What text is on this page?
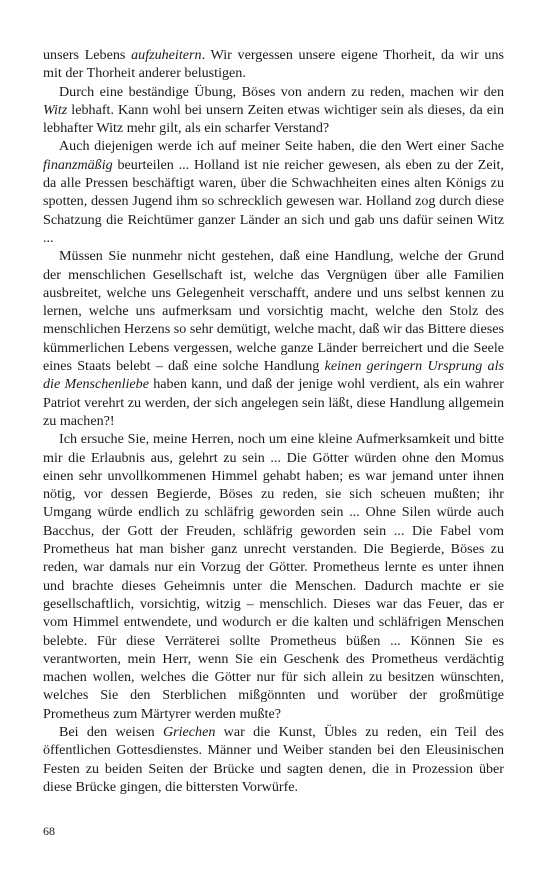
unsers Lebens aufzuheitern. Wir vergessen unsere eigene Thorheit, da wir uns mit der Thorheit anderer belustigen.

Durch eine beständige Übung, Böses von andern zu reden, machen wir den Witz lebhaft. Kann wohl bei unsern Zeiten etwas wichtiger sein als dieses, da ein lebhafter Witz mehr gilt, als ein scharfer Verstand?

Auch diejenigen werde ich auf meiner Seite haben, die den Wert einer Sache finanzmäßig beurteilen ... Holland ist nie reicher gewesen, als eben zu der Zeit, da alle Pressen beschäftigt waren, über die Schwachheiten eines alten Königs zu spotten, dessen Jugend ihm so schrecklich gewesen war. Holland zog durch diese Schatzung die Reichtümer ganzer Länder an sich und gab uns dafür seinen Witz ...

Müssen Sie nunmehr nicht gestehen, daß eine Handlung, welche der Grund der menschlichen Gesellschaft ist, welche das Vergnügen über alle Familien ausbreitet, welche uns Gelegenheit verschafft, andere und uns selbst kennen zu lernen, welche uns aufmerksam und vorsichtig macht, welche den Stolz des menschlichen Herzens so sehr demütigt, welche macht, daß wir das Bittere dieses kümmerlichen Lebens vergessen, welche ganze Länder berreichert und die Seele eines Staats belebt – daß eine solche Handlung keinen geringern Ursprung als die Menschenliebe haben kann, und daß der jenige wohl verdient, als ein wahrer Patriot verehrt zu werden, der sich angelegen sein läßt, diese Handlung allgemein zu machen?!

Ich ersuche Sie, meine Herren, noch um eine kleine Aufmerksamkeit und bitte mir die Erlaubnis aus, gelehrt zu sein ... Die Götter würden ohne den Momus einen sehr unvollkommenen Himmel gehabt haben; es war jemand unter ihnen nötig, vor dessen Begierde, Böses zu reden, sie sich scheuen mußten; ihr Umgang würde endlich zu schläfrig geworden sein ... Ohne Silen würde auch Bacchus, der Gott der Freuden, schläfrig geworden sein ... Die Fabel vom Prometheus hat man bisher ganz unrecht verstanden. Die Begierde, Böses zu reden, war damals nur ein Vorzug der Götter. Prometheus lernte es unter ihnen und brachte dieses Geheimnis unter die Menschen. Dadurch machte er sie gesellschaftlich, vorsichtig, witzig – menschlich. Dieses war das Feuer, das er vom Himmel entwendete, und wodurch er die kalten und schläfrigen Menschen belebte. Für diese Verräterei sollte Prometheus büßen ... Können Sie es verantworten, mein Herr, wenn Sie ein Geschenk des Prometheus verdächtig machen wollen, welches die Götter nur für sich allein zu besitzen wünschten, welches Sie den Sterblichen mißgönnten und worüber der großmütige Prometheus zum Märtyrer werden mußte?

Bei den weisen Griechen war die Kunst, Übles zu reden, ein Teil des öffentlichen Gottesdienstes. Männer und Weiber standen bei den Eleusinischen Festen zu beiden Seiten der Brücke und sagten denen, die in Prozession über diese Brücke gingen, die bittersten Vorwürfe.

68
